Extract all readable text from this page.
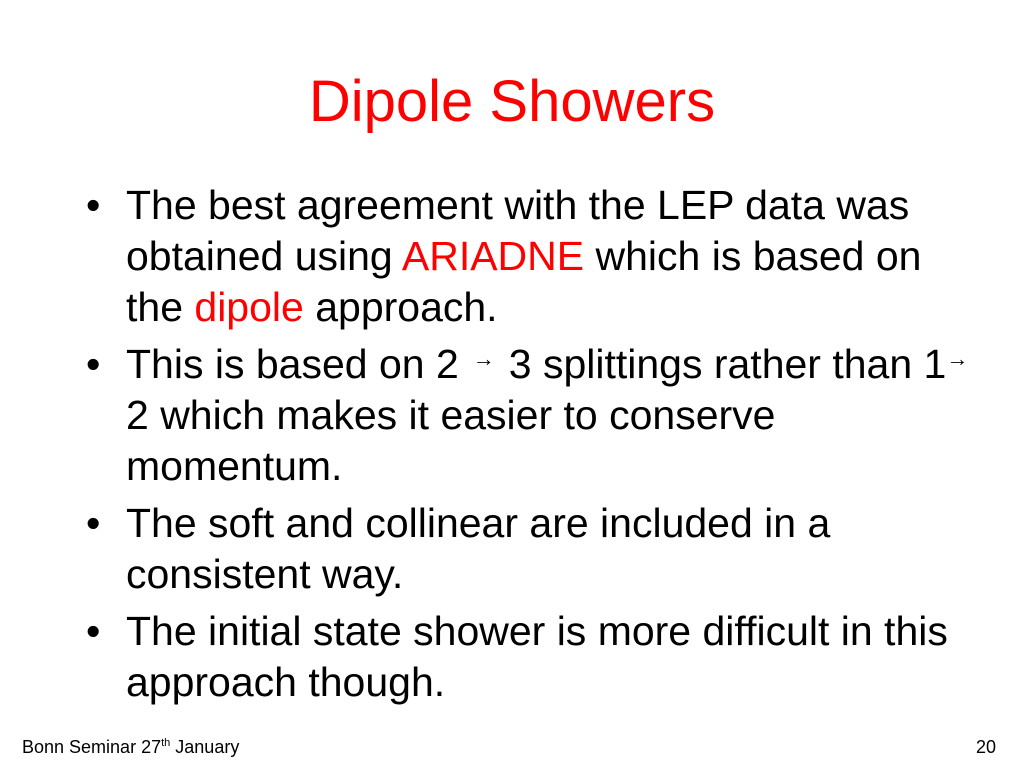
Dipole Showers
• The best agreement with the LEP data was obtained using ARIADNE which is based on the dipole approach.
• This is based on 2 → 3 splittings rather than 1→2 which makes it easier to conserve momentum.
• The soft and collinear are included in a consistent way.
• The initial state shower is more difficult in this approach though.
Bonn Seminar 27th January	20
